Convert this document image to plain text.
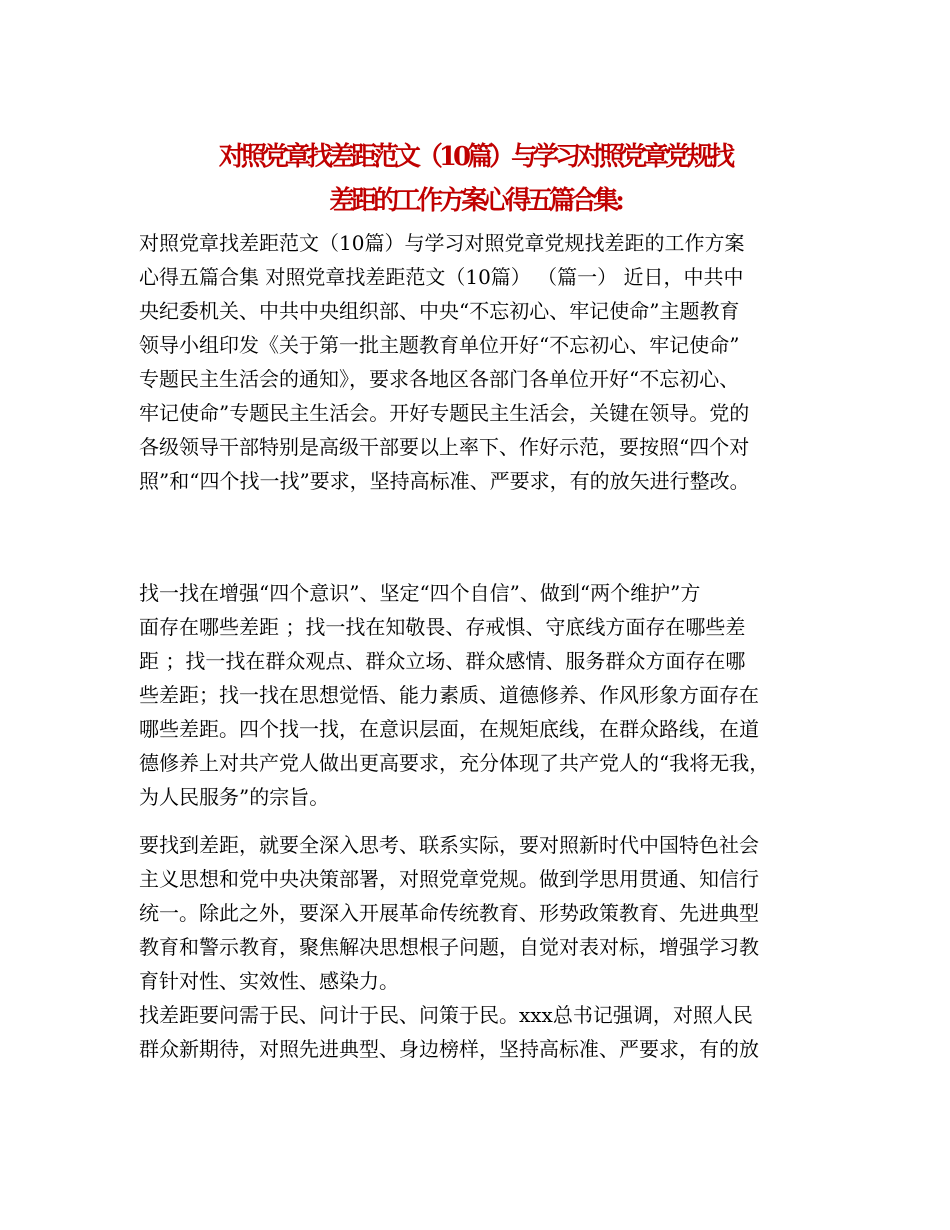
对照党章找差距范文（10篇）与学习对照党章党规找
差距的工作方案心得五篇合集:
对照党章找差距范文（10篇）与学习对照党章党规找差距的工作方案
心得五篇合集 对照党章找差距范文（10篇） （篇一） 近日，中共中
央纪委机关、中共中央组织部、中央“不忘初心、牢记使命”主题教育
领导小组印发《关于第一批主题教育单位开好“不忘初心、牢记使命”
专题民主生活会的通知》，要求各地区各部门各单位开好“不忘初心、
牢记使命”专题民主生活会。开好专题民主生活会，关键在领导。党的
各级领导干部特别是高级干部要以上率下、作好示范，要按照“四个对
照”和“四个找一找”要求，坚持高标准、严要求，有的放矢进行整改。
找一找在增强“四个意识”、坚定“四个自信”、做到“两个维护”方
面存在哪些差距 ；找一找在知敬畏、存戒惧、守底线方面存在哪些差
距 ；找一找在群众观点、群众立场、群众感情、服务群众方面存在哪
些差距；找一找在思想觉悟、能力素质、道德修养、作风形象方面存在
哪些差距。四个找一找，在意识层面，在规矩底线，在群众路线，在道
德修养上对共产党人做出更高要求，充分体现了共产党人的“我将无我，
为人民服务”的宗旨。
要找到差距，就要全深入思考、联系实际，要对照新时代中国特色社会
主义思想和党中央决策部署，对照党章党规。做到学思用贯通、知信行
统一。除此之外，要深入开展革命传统教育、形势政策教育、先进典型
教育和警示教育，聚焦解决思想根子问题，自觉对表对标，增强学习教
育针对性、实效性、感染力。
找差距要问需于民、问计于民、问策于民。xxx总书记强调，对照人民
群众新期待，对照先进典型、身边榜样，坚持高标准、严要求，有的放
